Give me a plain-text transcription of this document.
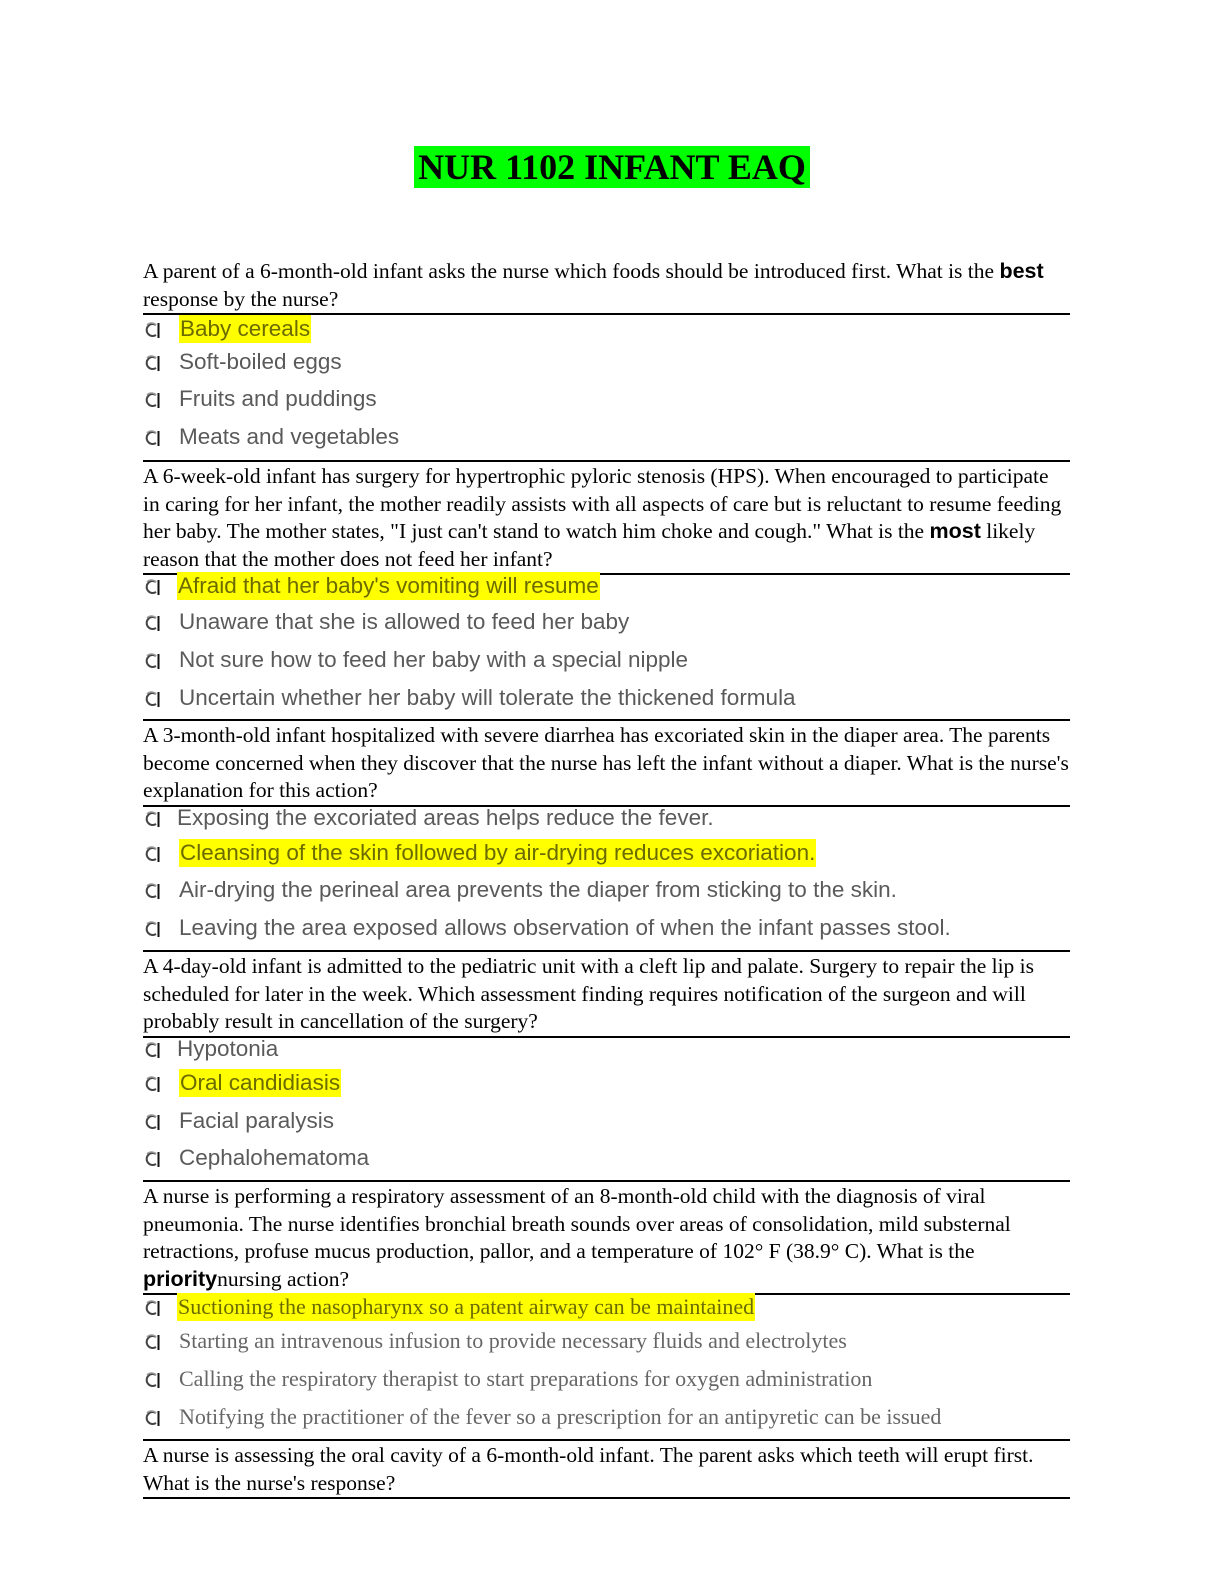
NUR 1102 INFANT EAQ
A parent of a 6-month-old infant asks the nurse which foods should be introduced first. What is the best response by the nurse?
Baby cereals
Soft-boiled eggs
Fruits and puddings
Meats and vegetables
A 6-week-old infant has surgery for hypertrophic pyloric stenosis (HPS). When encouraged to participate in caring for her infant, the mother readily assists with all aspects of care but is reluctant to resume feeding her baby. The mother states, "I just can't stand to watch him choke and cough." What is the most likely reason that the mother does not feed her infant?
Afraid that her baby's vomiting will resume
Unaware that she is allowed to feed her baby
Not sure how to feed her baby with a special nipple
Uncertain whether her baby will tolerate the thickened formula
A 3-month-old infant hospitalized with severe diarrhea has excoriated skin in the diaper area. The parents become concerned when they discover that the nurse has left the infant without a diaper. What is the nurse's explanation for this action?
Exposing the excoriated areas helps reduce the fever.
Cleansing of the skin followed by air-drying reduces excoriation.
Air-drying the perineal area prevents the diaper from sticking to the skin.
Leaving the area exposed allows observation of when the infant passes stool.
A 4-day-old infant is admitted to the pediatric unit with a cleft lip and palate. Surgery to repair the lip is scheduled for later in the week. Which assessment finding requires notification of the surgeon and will probably result in cancellation of the surgery?
Hypotonia
Oral candidiasis
Facial paralysis
Cephalohematoma
A nurse is performing a respiratory assessment of an 8-month-old child with the diagnosis of viral pneumonia. The nurse identifies bronchial breath sounds over areas of consolidation, mild substernal retractions, profuse mucus production, pallor, and a temperature of 102° F (38.9° C). What is the prioritynursing action?
Suctioning the nasopharynx so a patent airway can be maintained
Starting an intravenous infusion to provide necessary fluids and electrolytes
Calling the respiratory therapist to start preparations for oxygen administration
Notifying the practitioner of the fever so a prescription for an antipyretic can be issued
A nurse is assessing the oral cavity of a 6-month-old infant. The parent asks which teeth will erupt first. What is the nurse's response?
